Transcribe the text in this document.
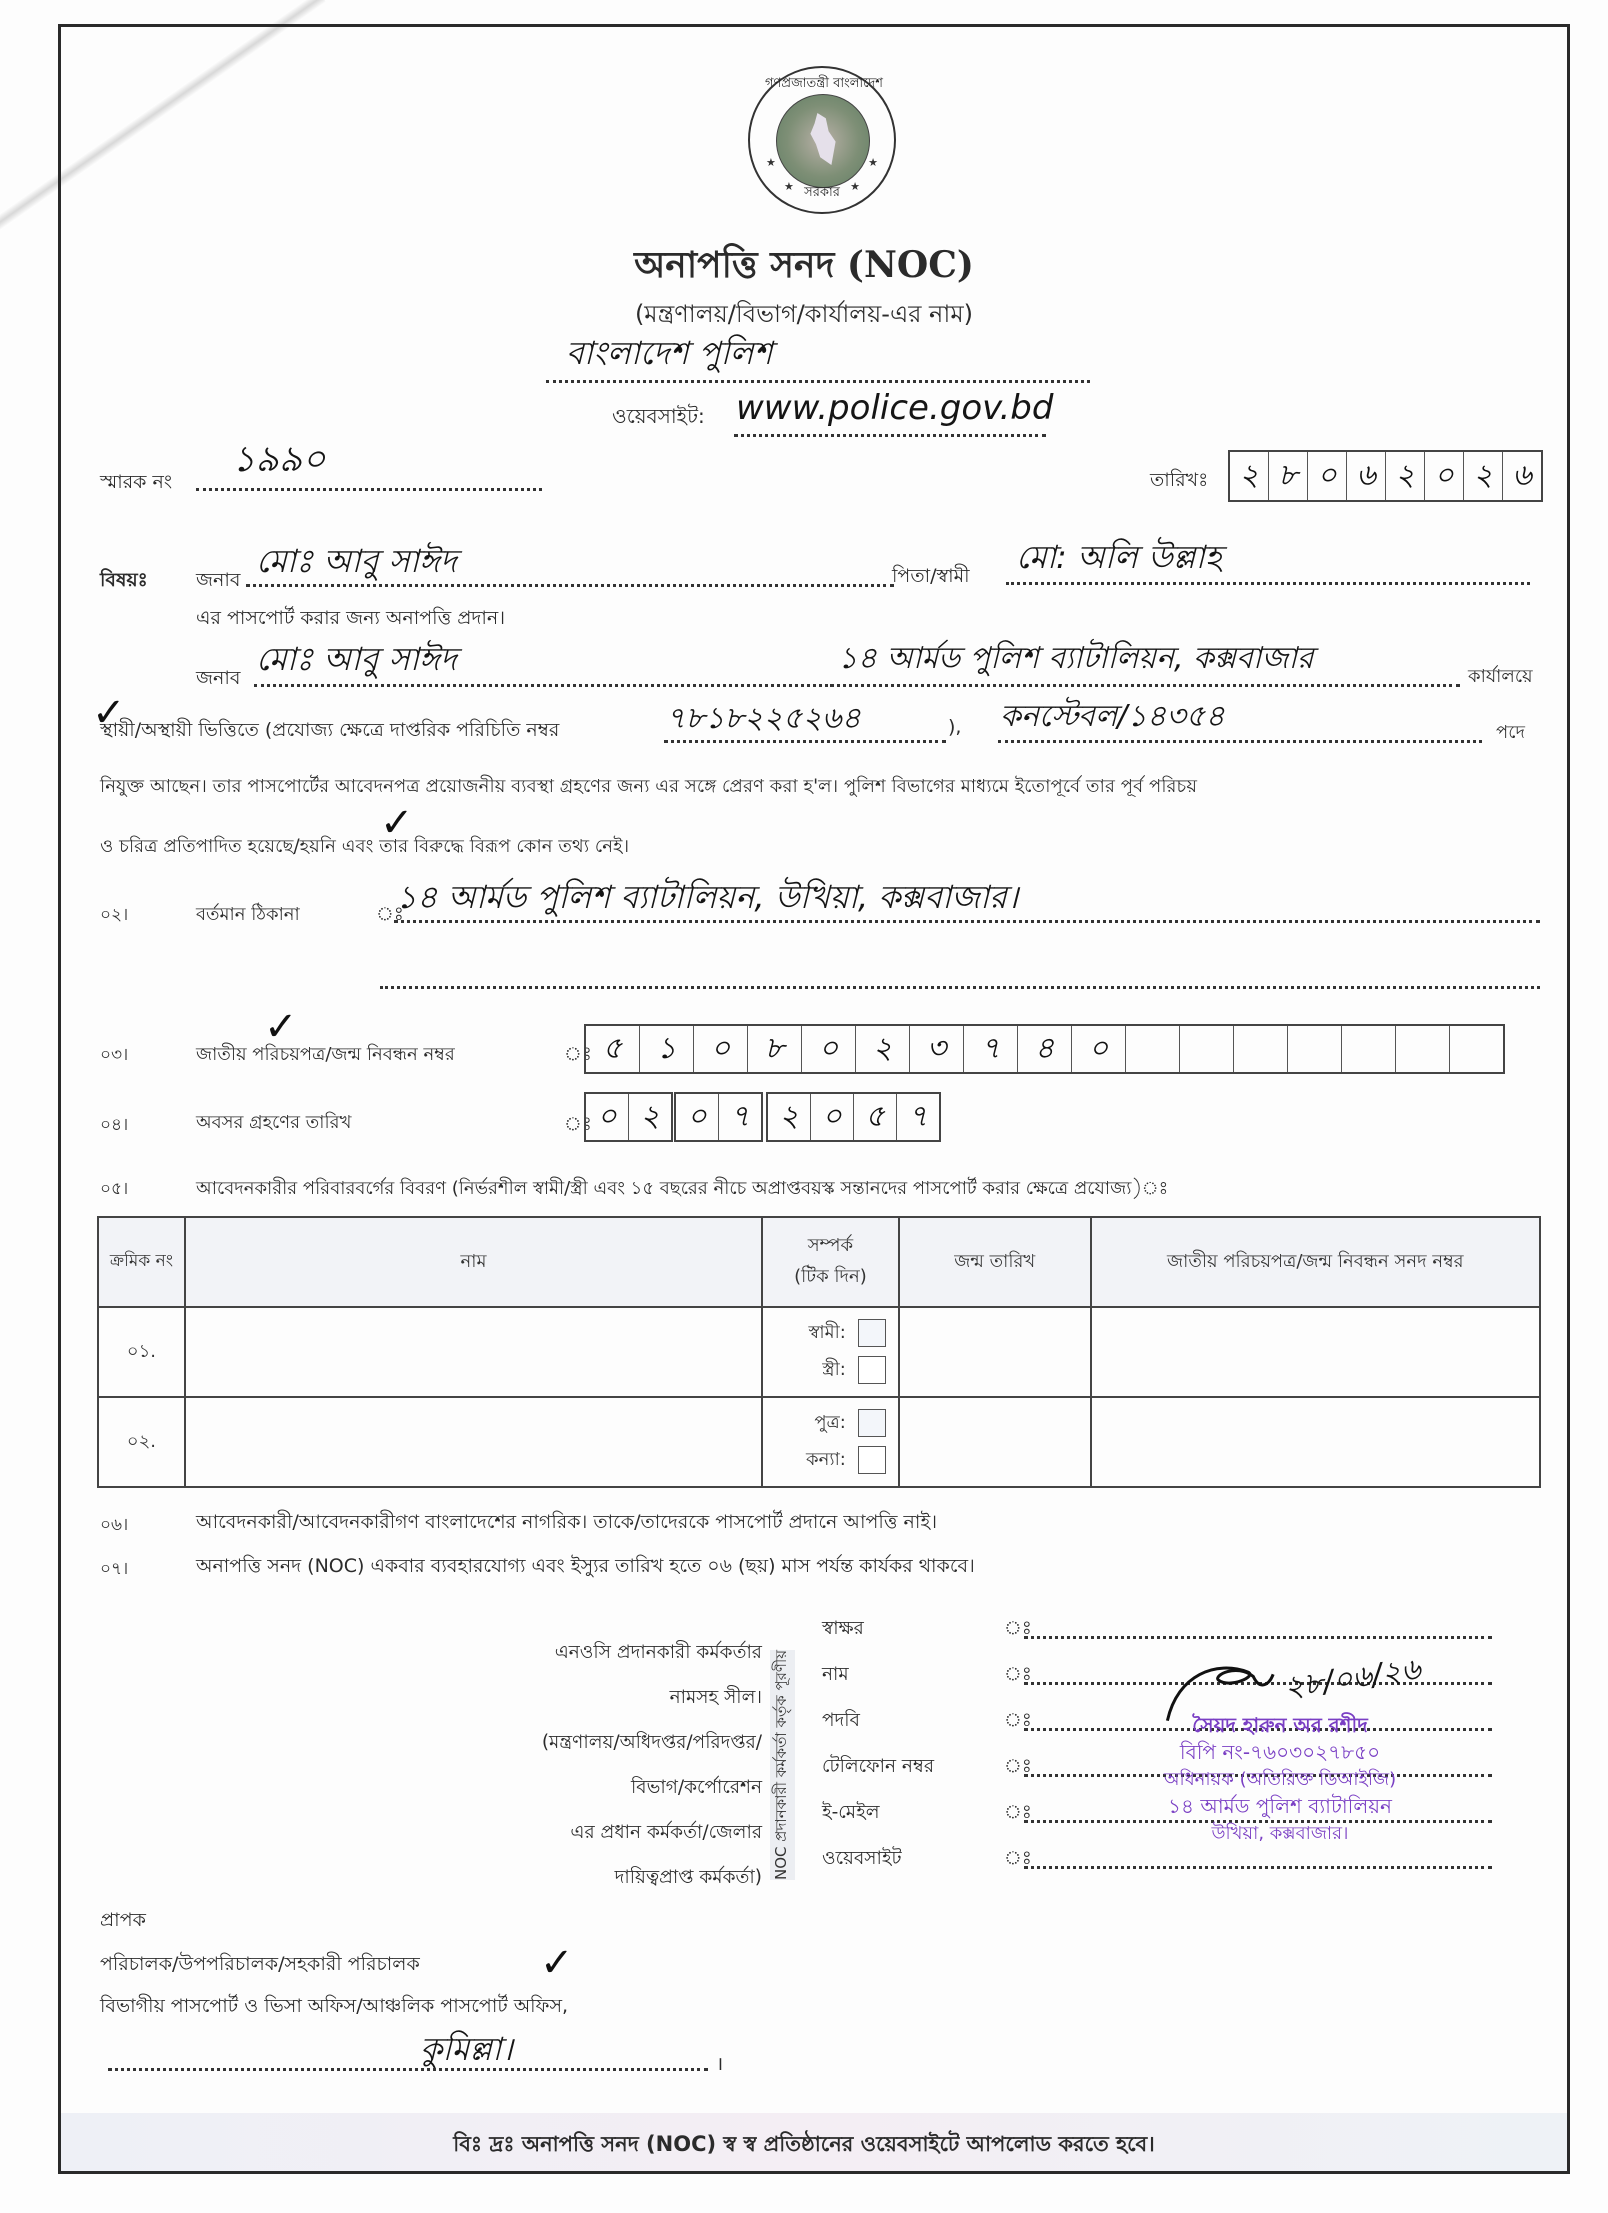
গণপ্রজাতন্ত্রী বাংলাদেশ
★	★
★	★
সরকার
অনাপত্তি সনদ (NOC)
(মন্ত্রণালয়/বিভাগ/কার্যালয়-এর নাম)
বাংলাদেশ পুলিশ
ওয়েবসাইট: www.police.gov.bd
স্মারক নং
১৯৯০	তারিখঃ	২ ৮ ০ ৬ ২ ০ ২ ৬
বিষয়ঃ	জনাব মোঃ আবু সাঈদ	পিতা/স্বামী মো: অলি উল্লাহ
এর পাসপোর্ট করার জন্য অনাপত্তি প্রদান।
জনাব মোঃ আবু সাঈদ	১৪ আর্মড পুলিশ ব্যাটালিয়ন, কক্সবাজার
কার্যালয়ে
✓
স্থায়ী/অস্থায়ী ভিত্তিতে (প্রযোজ্য ক্ষেত্রে দাপ্তরিক পরিচিতি নম্বর	৭৮১৮২২৫২৬৪	), কনস্টেবল/১৪৩৫৪	পদে
নিযুক্ত আছেন। তার পাসপোর্টের আবেদনপত্র প্রয়োজনীয় ব্যবস্থা গ্রহণের জন্য এর সঙ্গে প্রেরণ করা হ'ল। পুলিশ বিভাগের মাধ্যমে ইতোপূর্বে তার পূর্ব পরিচয়
✓
ও চরিত্র প্রতিপাদিত হয়েছে/হয়নি এবং তার বিরুদ্ধে বিরূপ কোন তথ্য নেই।
০২।	বর্তমান ঠিকানা	ঃ
১৪ আর্মড পুলিশ ব্যাটালিয়ন, উখিয়া, কক্সবাজার।
০৩।
✓
জাতীয় পরিচয়পত্র/জন্ম নিবন্ধন নম্বর	ঃ ৫	১	০	৮	০	২	৩	৭	৪	০
০৪।	অবসর গ্রহণের তারিখ	ঃ ০ ২ ০ ৭ ২ ০ ৫ ৭
০৫।	আবেদনকারীর পরিবারবর্গের বিবরণ (নির্ভরশীল স্বামী/স্ত্রী এবং ১৫ বছরের নীচে অপ্রাপ্তবয়স্ক সন্তানদের পাসপোর্ট করার ক্ষেত্রে প্রযোজ্য)ঃ
ক্রমিক নং	নাম	সম্পর্ক
(টিক দিন)	জন্ম তারিখ	জাতীয় পরিচয়পত্র/জন্ম নিবন্ধন সনদ নম্বর
০১.		স্বামী:
স্ত্রী:		

০২.		পুত্র:
কন্যা:		

০৬।	আবেদনকারী/আবেদনকারীগণ বাংলাদেশের নাগরিক। তাকে/তাদেরকে পাসপোর্ট প্রদানে আপত্তি নাই।
০৭।	অনাপত্তি সনদ (NOC) একবার ব্যবহারযোগ্য এবং ইস্যুর তারিখ হতে ০৬ (ছয়) মাস পর্যন্ত কার্যকর থাকবে।
এনওসি প্রদানকারী কর্মকর্তার
নামসহ সীল।
(মন্ত্রণালয়/অধিদপ্তর/পরিদপ্তর/
বিভাগ/কর্পোরেশন
এর প্রধান কর্মকর্তা/জেলার
দায়িত্বপ্রাপ্ত কর্মকর্তা) NOC প্রদানকারী কর্মকর্তা কর্তৃক পূরণীয়
স্বাক্ষর	ঃ
নাম	ঃ
পদবি	ঃ
টেলিফোন নম্বর	ঃ
ই-মেইল	ঃ
ওয়েবসাইট	ঃ
২৮/০৬/২৬
সৈয়দ হারুন অর রশীদ
বিপি নং-৭৬০৩০২৭৮৫০
অধিনায়ক (অতিরিক্ত ডিআইজি)
১৪ আর্মড পুলিশ ব্যাটালিয়ন
উখিয়া, কক্সবাজার।
প্রাপক
পরিচালক/উপপরিচালক/সহকারী পরিচালক
বিভাগীয় পাসপোর্ট ও ভিসা অফিস/আঞ্চলিক পাসপোর্ট অফিস,
✓
কুমিল্লা।	।
বিঃ দ্রঃ অনাপত্তি সনদ (NOC) স্ব স্ব প্রতিষ্ঠানের ওয়েবসাইটে আপলোড করতে হবে।
